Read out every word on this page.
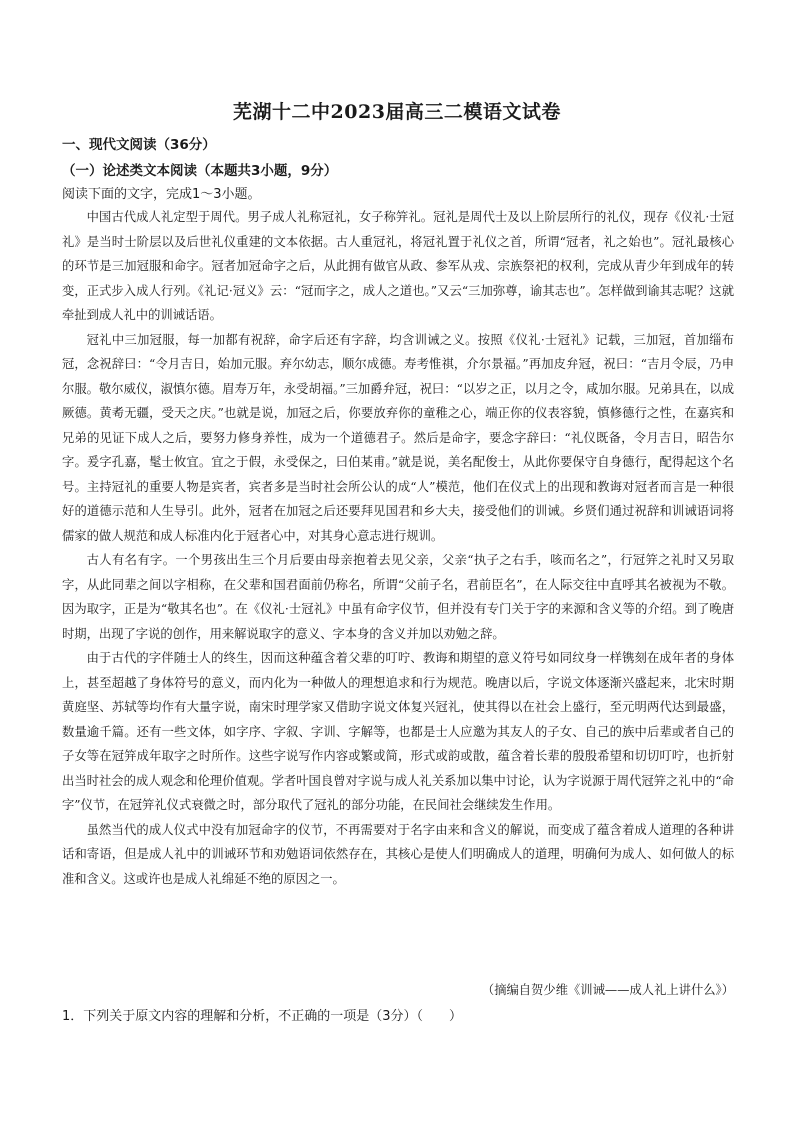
芜湖十二中2023届高三二模语文试卷
一、现代文阅读（36分）
（一）论述类文本阅读（本题共3小题，9分）
阅读下面的文字，完成1～3小题。

中国古代成人礼定型于周代。男子成人礼称冠礼，女子称笄礼。冠礼是周代士及以上阶层所行的礼仪，现存《仪礼·士冠礼》是当时士阶层以及后世礼仪重建的文本依据。古人重冠礼，将冠礼置于礼仪之首，所谓“冠者，礼之始也”。冠礼最核心的环节是三加冠服和命字。冠者加冠命字之后，从此拥有做官从政、参军从戎、宗族祭祀的权利，完成从青少年到成年的转变，正式步入成人行列。《礼记·冠义》云：“冠而字之，成人之道也。”又云“三加弥尊，谕其志也”。怎样做到谕其志呢？这就牵扯到成人礼中的训诫话语。

冠礼中三加冠服，每一加都有祝辞，命字后还有字辞，均含训诫之义。按照《仪礼·士冠礼》记载，三加冠，首加缁布冠，念祝辞曰：“令月吉日，始加元服。弃尔幼志，顺尔成德。寿考惟祺，介尔景福。”再加皮弁冠，祝曰：“吉月令辰，乃申尔服。敬尔威仪，淑慎尔德。眉寿万年，永受胡福。”三加爵弁冠，祝曰：“以岁之正，以月之令，咸加尔服。兄弟具在，以成厥德。黄耇无疆，受天之庆。”也就是说，加冠之后，你要放弃你的童稚之心，端正你的仪表容貌，慎修德行之性，在嘉宾和兄弟的见证下成人之后，要努力修身养性，成为一个道德君子。然后是命字，要念字辞曰：“礼仪既备，令月吉日，昭告尔字。爰字孔嘉，髦士攸宜。宜之于假，永受保之，曰伯某甫。”就是说，美名配俊士，从此你要保守自身德行，配得起这个名号。主持冠礼的重要人物是宾者，宾者多是当时社会所公认的成“人”模范，他们在仪式上的出现和教诲对冠者而言是一种很好的道德示范和人生导引。此外，冠者在加冠之后还要拜见国君和乡大夫，接受他们的训诫。乡贤们通过祝辞和训诫语词将儒家的做人规范和成人标准内化于冠者心中，对其身心意志进行规训。

古人有名有字。一个男孩出生三个月后要由母亲抱着去见父亲，父亲“执子之右手，咳而名之”，行冠笄之礼时又另取字，从此同辈之间以字相称，在父辈和国君面前仍称名，所谓“父前子名，君前臣名”，在人际交往中直呼其名被视为不敬。因为取字，正是为“敬其名也”。在《仪礼·士冠礼》中虽有命字仪节，但并没有专门关于字的来源和含义等的介绍。到了晚唐时期，出现了字说的创作，用来解说取字的意义、字本身的含义并加以劝勉之辞。

由于古代的字伴随士人的终生，因而这种蕴含着父辈的叮咛、教诲和期望的意义符号如同纹身一样镌刻在成年者的身体上，甚至超越了身体符号的意义，而内化为一种做人的理想追求和行为规范。晚唐以后，字说文体逐渐兴盛起来，北宋时期黄庭坚、苏轼等均作有大量字说，南宋时理学家又借助字说文体复兴冠礼，使其得以在社会上盛行，至元明两代达到最盛，数量逾千篇。还有一些文体，如字序、字叙、字训、字解等，也都是士人应邀为其友人的子女、自己的族中后辈或者自己的子女等在冠笄成年取字之时所作。这些字说写作内容或繁或简，形式或韵或散，蕴含着长辈的殷殷希望和切切叮咛，也折射出当时社会的成人观念和伦理价值观。学者叶国良曾对字说与成人礼关系加以集中讨论，认为字说源于周代冠笄之礼中的“命字”仪节，在冠笄礼仪式衰微之时，部分取代了冠礼的部分功能，在民间社会继续发生作用。

虽然当代的成人仪式中没有加冠命字的仪节，不再需要对于名字由来和含义的解说，而变成了蕴含着成人道理的各种讲话和寄语，但是成人礼中的训诫环节和劝勉语词依然存在，其核心是使人们明确成人的道理，明确何为成人、如何做人的标准和含义。这或许也是成人礼绵延不绝的原因之一。

（摘编自贺少维《训诫——成人礼上讲什么》）
1．下列关于原文内容的理解和分析，不正确的一项是（3分）（　　）
